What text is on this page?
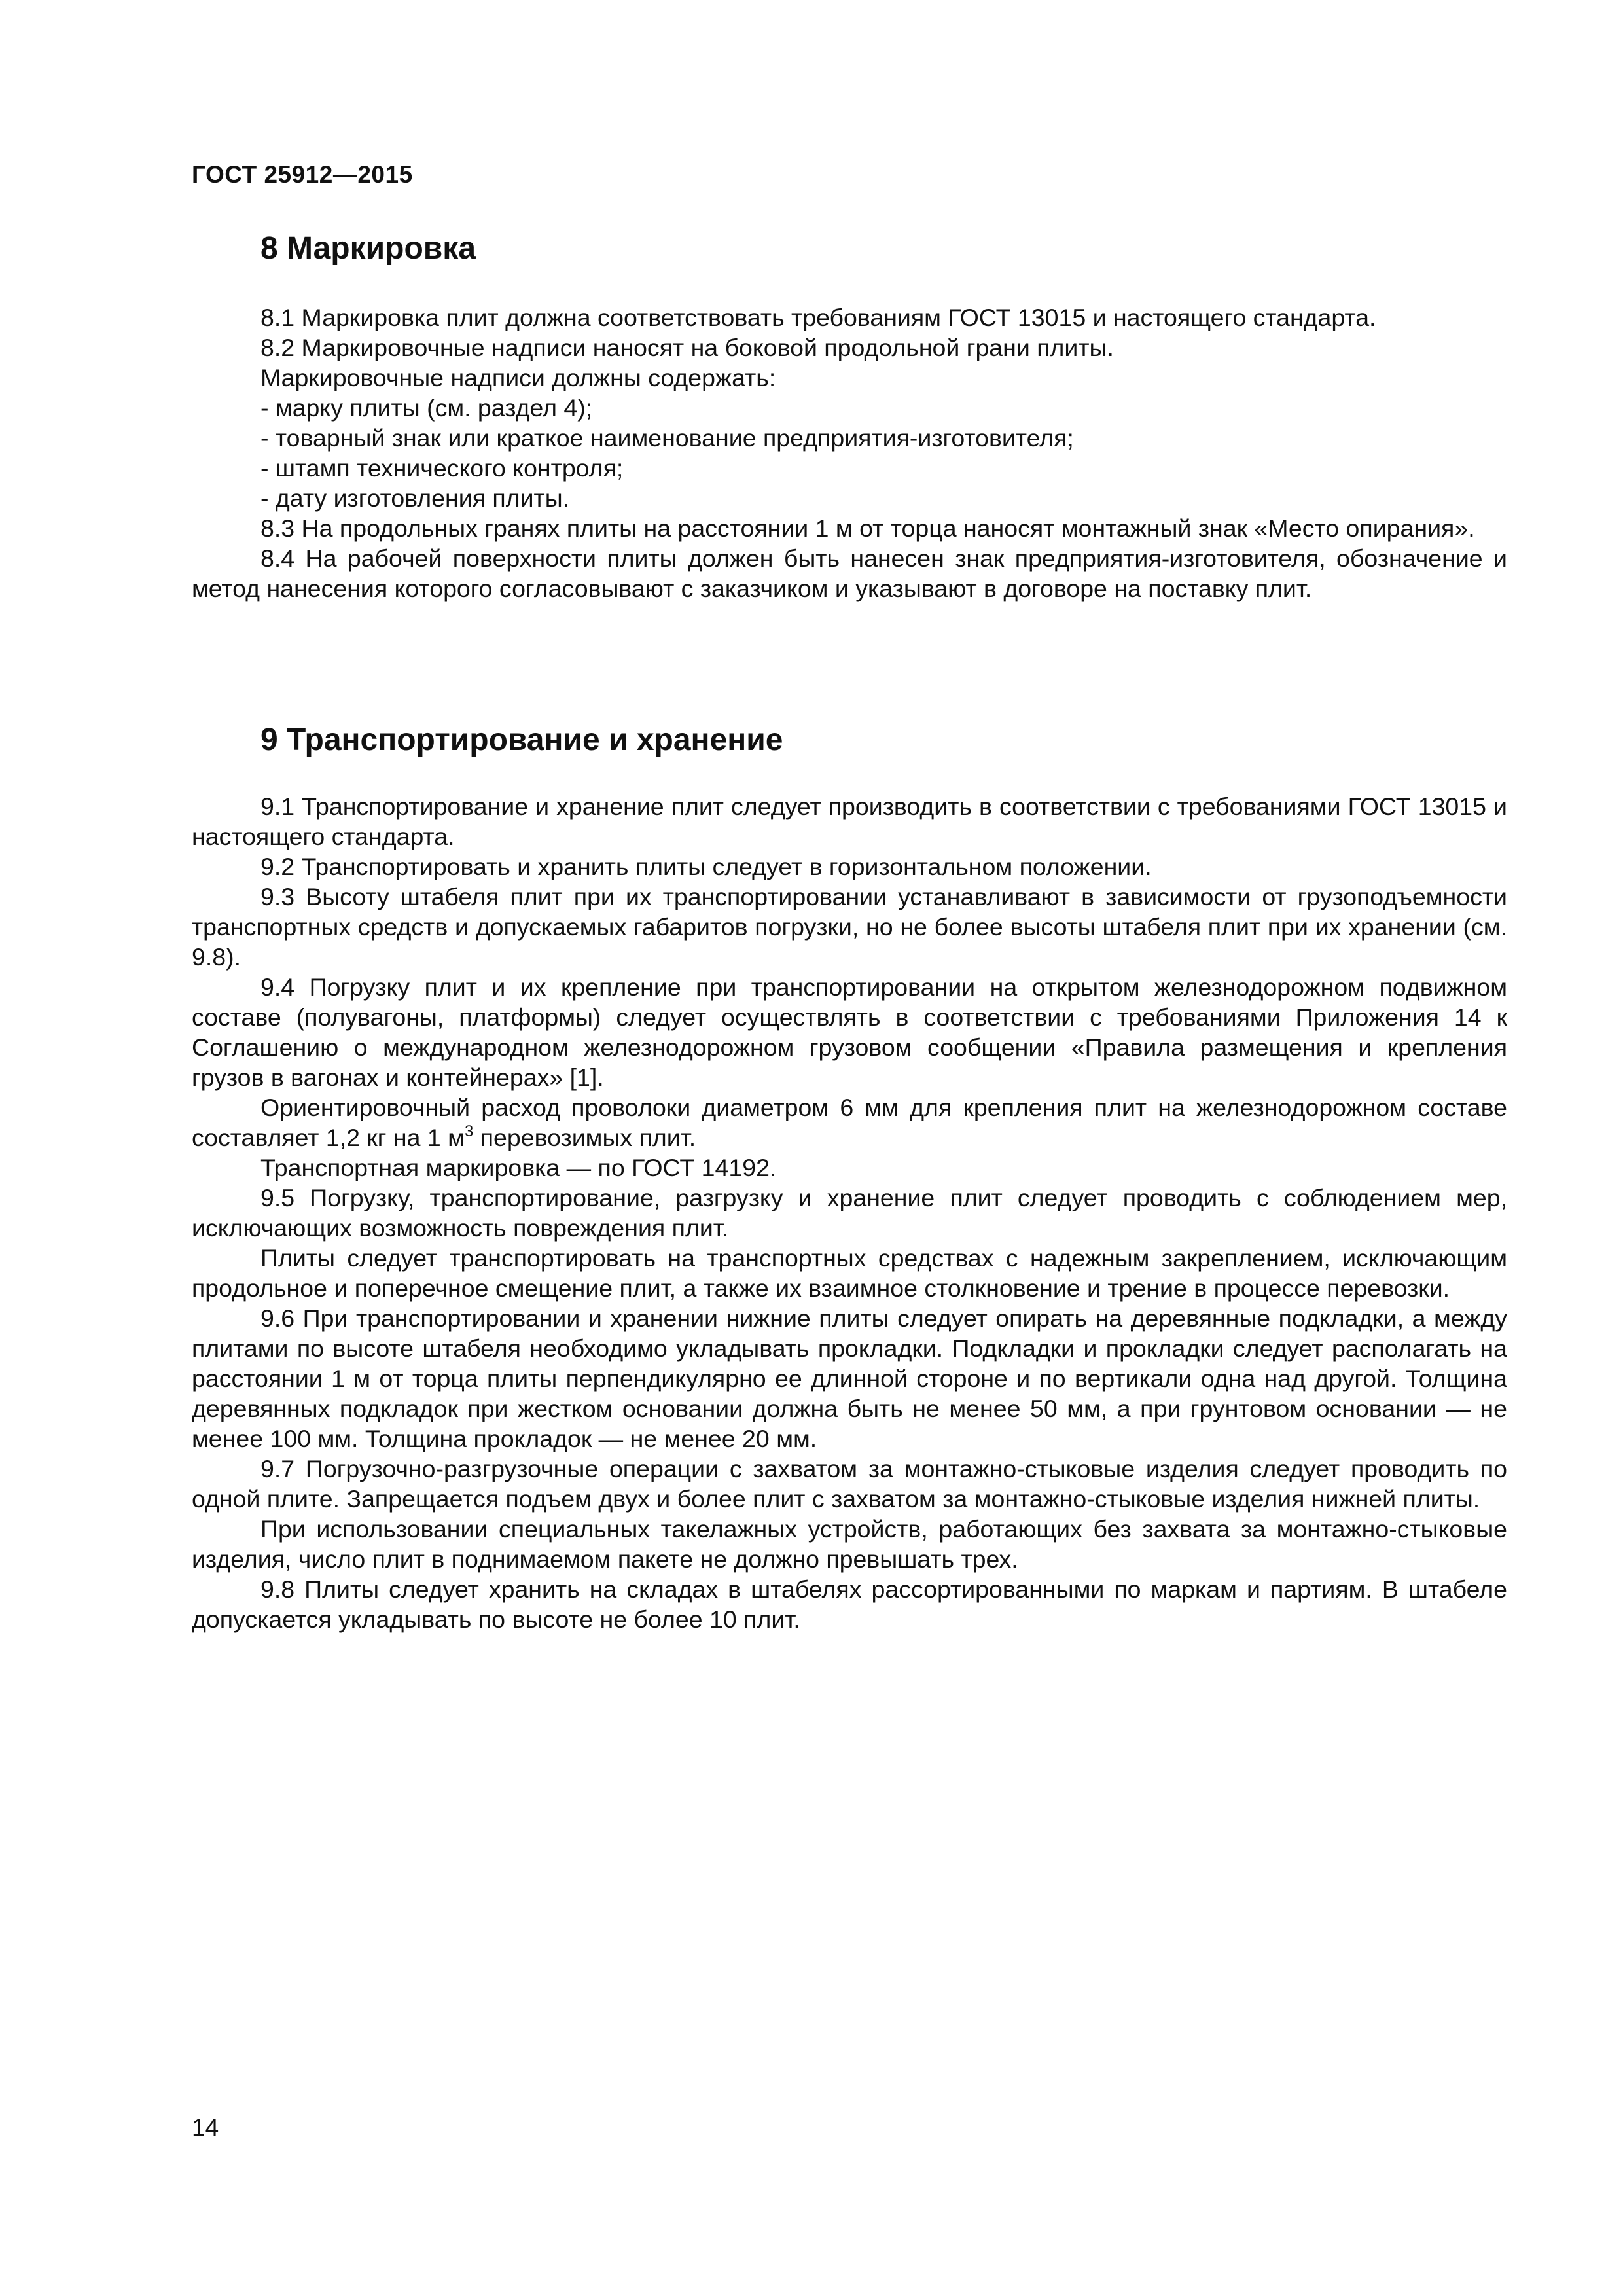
ГОСТ 25912—2015
8 Маркировка

8.1 Маркировка плит должна соответствовать требованиям ГОСТ 13015 и настоящего стандарта.

8.2 Маркировочные надписи наносят на боковой продольной грани плиты.

Маркировочные надписи должны содержать:

- марку плиты (см. раздел 4);

- товарный знак или краткое наименование предприятия-изготовителя;

- штамп технического контроля;

- дату изготовления плиты.

8.3 На продольных гранях плиты на расстоянии 1 м от торца наносят монтажный знак «Место опирания».

8.4 На рабочей поверхности плиты должен быть нанесен знак предприятия-изготовителя, обозначение и метод нанесения которого согласовывают с заказчиком и указывают в договоре на поставку плит.

9 Транспортирование и хранение

9.1 Транспортирование и хранение плит следует производить в соответствии с требованиями ГОСТ 13015 и настоящего стандарта.

9.2 Транспортировать и хранить плиты следует в горизонтальном положении.

9.3 Высоту штабеля плит при их транспортировании устанавливают в зависимости от грузоподъемности транспортных средств и допускаемых габаритов погрузки, но не более высоты штабеля плит при их хранении (см. 9.8).

9.4 Погрузку плит и их крепление при транспортировании на открытом железнодорожном подвижном составе (полувагоны, платформы) следует осуществлять в соответствии с требованиями Приложения 14 к Соглашению о международном железнодорожном грузовом сообщении «Правила размещения и крепления грузов в вагонах и контейнерах» [1].

Ориентировочный расход проволоки диаметром 6 мм для крепления плит на железнодорожном составе составляет 1,2 кг на 1 $м^3$ перевозимых плит.

Транспортная маркировка — по ГОСТ 14192.

9.5 Погрузку, транспортирование, разгрузку и хранение плит следует проводить с соблюдением мер, исключающих возможность повреждения плит.

Плиты следует транспортировать на транспортных средствах с надежным закреплением, исключающим продольное и поперечное смещение плит, а также их взаимное столкновение и трение в процессе перевозки.

9.6 При транспортировании и хранении нижние плиты следует опирать на деревянные подкладки, а между плитами по высоте штабеля необходимо укладывать прокладки. Подкладки и прокладки следует располагать на расстоянии 1 м от торца плиты перпендикулярно ее длинной стороне и по вертикали одна над другой. Толщина деревянных подкладок при жестком основании должна быть не менее 50 мм, а при грунтовом основании — не менее 100 мм. Толщина прокладок — не менее 20 мм.

9.7 Погрузочно-разгрузочные операции с захватом за монтажно-стыковые изделия следует проводить по одной плите. Запрещается подъем двух и более плит с захватом за монтажно-стыковые изделия нижней плиты.

При использовании специальных такелажных устройств, работающих без захвата за монтажно-стыковые изделия, число плит в поднимаемом пакете не должно превышать трех.

9.8 Плиты следует хранить на складах в штабелях рассортированными по маркам и партиям. В штабеле допускается укладывать по высоте не более 10 плит.

14
